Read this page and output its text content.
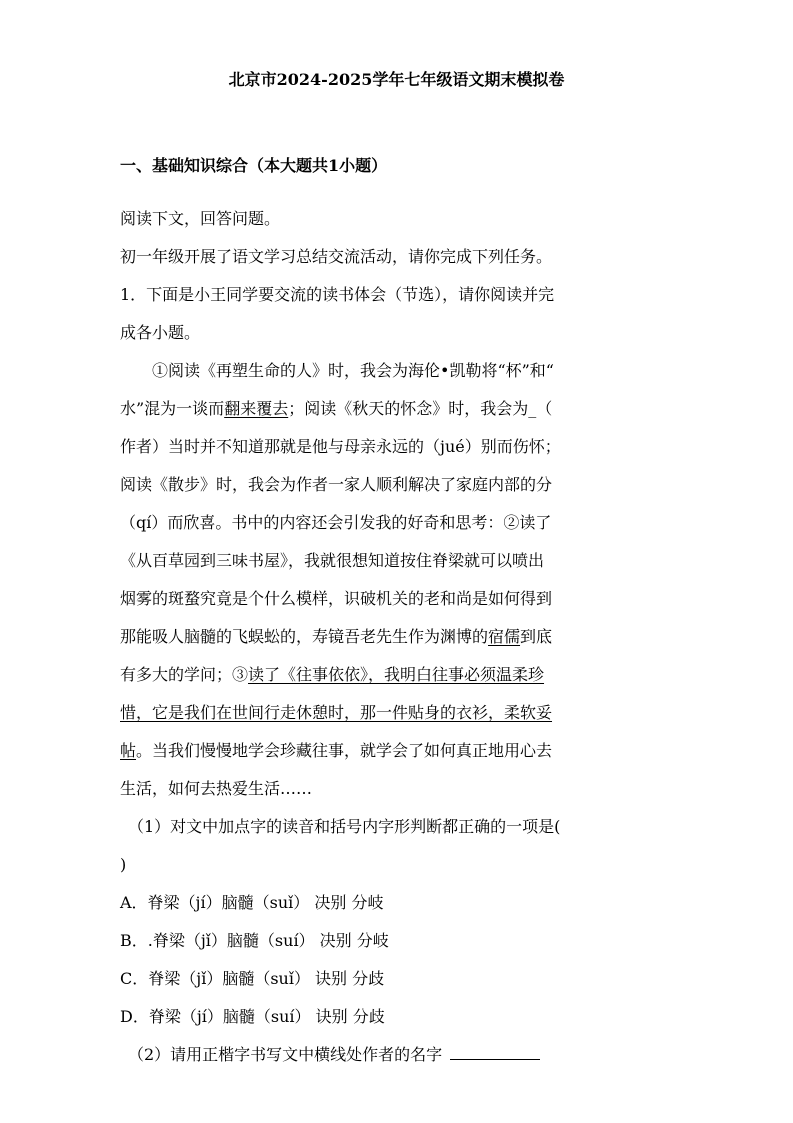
北京市2024-2025学年七年级语文期末模拟卷
一、基础知识综合（本大题共1小题）
阅读下文，回答问题。
初一年级开展了语文学习总结交流活动，请你完成下列任务。
1．下面是小王同学要交流的读书体会（节选），请你阅读并完
成各小题。
①阅读《再塑生命的人》时，我会为海伦•凯勒将“杯”和“
水”混为一谈而翻来覆去；阅读《秋天的怀念》时，我会为_（
作者）当时并不知道那就是他与母亲永远的（jué）别而伤怀；
阅读《散步》时，我会为作者一家人顺利解决了家庭内部的分
（qí）而欣喜。书中的内容还会引发我的好奇和思考：②读了
《从百草园到三味书屋》，我就很想知道按住脊梁就可以喷出
烟雾的斑蝥究竟是个什么模样，识破机关的老和尚是如何得到
那能吸人脑髓的飞蜈蚣的，寿镜吾老先生作为渊博的宿儒到底
有多大的学问；③读了《往事依依》，我明白往事必须温柔珍
惜，它是我们在世间行走休憩时，那一件贴身的衣衫，柔软妥
帖。当我们慢慢地学会珍藏往事，就学会了如何真正地用心去
生活，如何去热爱生活……
（1）对文中加点字的读音和括号内字形判断都正确的一项是(
)
A．脊梁（jí）脑髓（suǐ） 决别 分岐
B．.脊梁（jǐ）脑髓（suí） 决别 分岐
C．脊梁（jǐ）脑髓（suǐ） 诀别 分歧
D．脊梁（jí）脑髓（suí） 诀别 分歧
（2）请用正楷字书写文中横线处作者的名字
